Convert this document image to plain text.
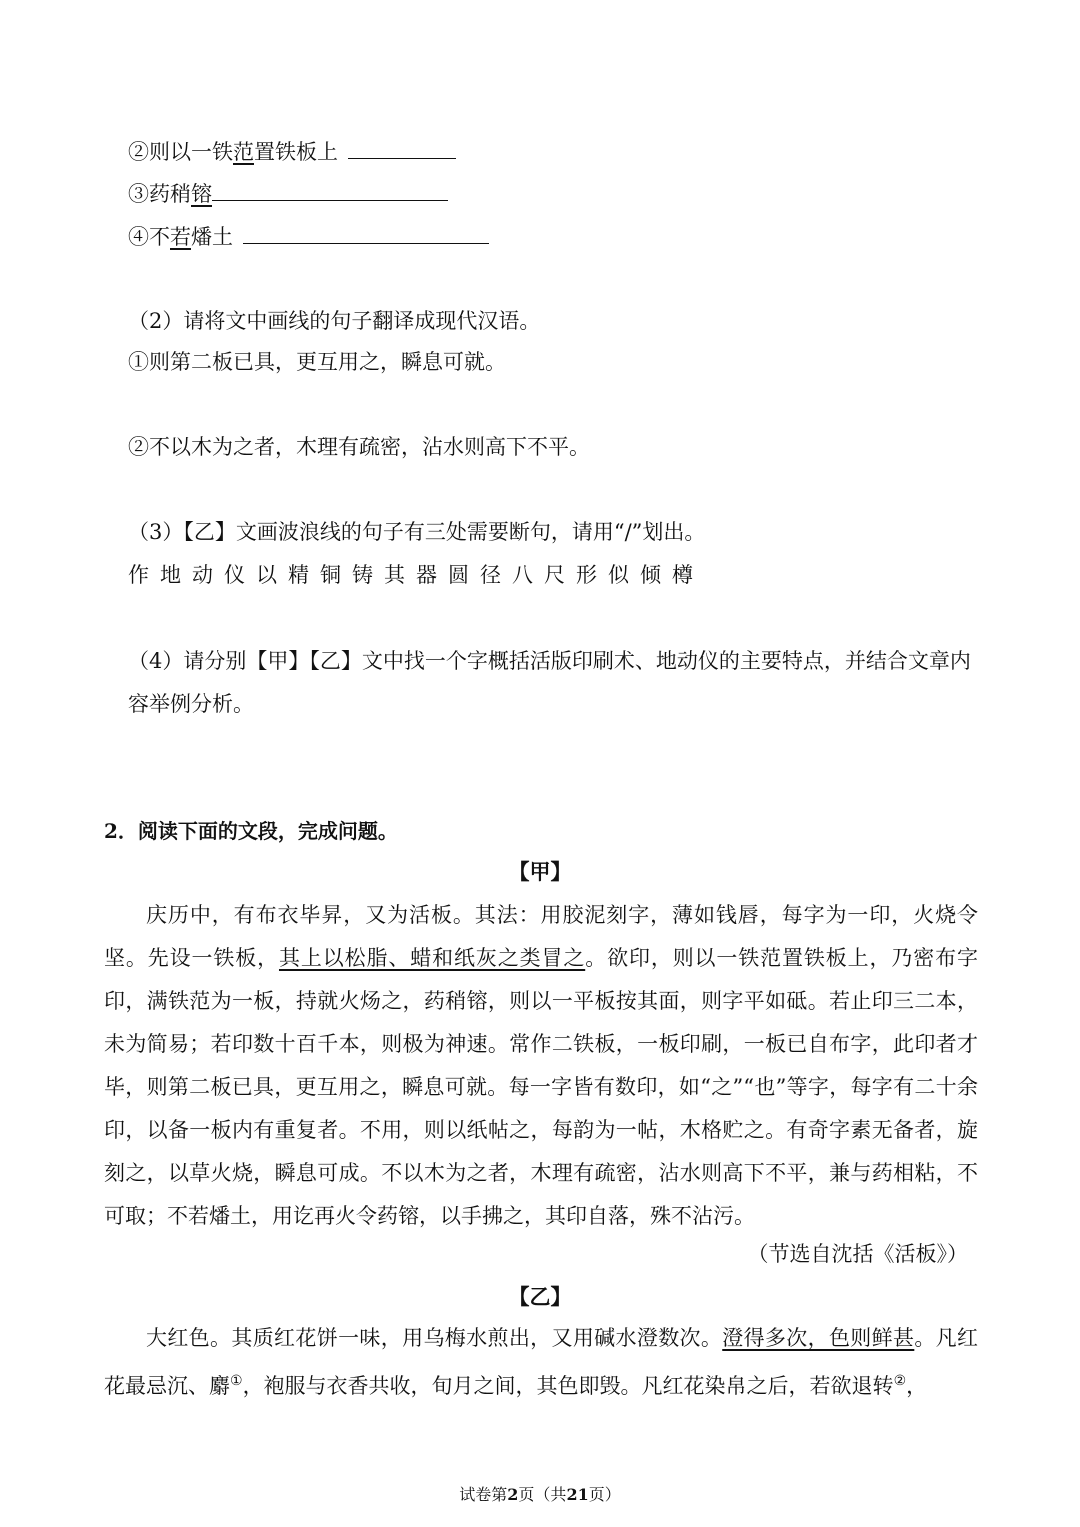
②则以一铁范置铁板上
③药稍镕
④不若燔土
（2）请将文中画线的句子翻译成现代汉语。
①则第二板已具，更互用之，瞬息可就。
②不以木为之者，木理有疏密，沾水则高下不平。
（3）【乙】文画波浪线的句子有三处需要断句，请用“/”划出。
作地动仪以精铜铸其器圆径八尺形似倾樽
（4）请分别【甲】【乙】文中找一个字概括活版印刷术、地动仪的主要特点，并结合文章内容举例分析。
2．阅读下面的文段，完成问题。
【甲】
庆历中，有布衣毕昇，又为活板。其法：用胶泥刻字，薄如钱唇，每字为一印，火烧令坚。先设一铁板，其上以松脂、蜡和纸灰之类冒之。欲印，则以一铁范置铁板上，乃密布字印，满铁范为一板，持就火炀之，药稍镕，则以一平板按其面，则字平如砥。若止印三二本，未为简易；若印数十百千本，则极为神速。常作二铁板，一板印刷，一板已自布字，此印者才毕，则第二板已具，更互用之，瞬息可就。每一字皆有数印，如“之”“也”等字，每字有二十余印，以备一板内有重复者。不用，则以纸帖之，每韵为一帖，木格贮之。有奇字素无备者，旋刻之，以草火烧，瞬息可成。不以木为之者，木理有疏密，沾水则高下不平，兼与药相粘，不可取；不若燔土，用讫再火令药镕，以手拂之，其印自落，殊不沾污。
（节选自沈括《活板》）
【乙】
大红色。其质红花饼一味，用乌梅水煎出，又用碱水澄数次。澄得多次，色则鲜甚。凡红花最忌沉、麝①，袍服与衣香共收，旬月之间，其色即毁。凡红花染帛之后，若欲退转②，
试卷第2页（共21页）
